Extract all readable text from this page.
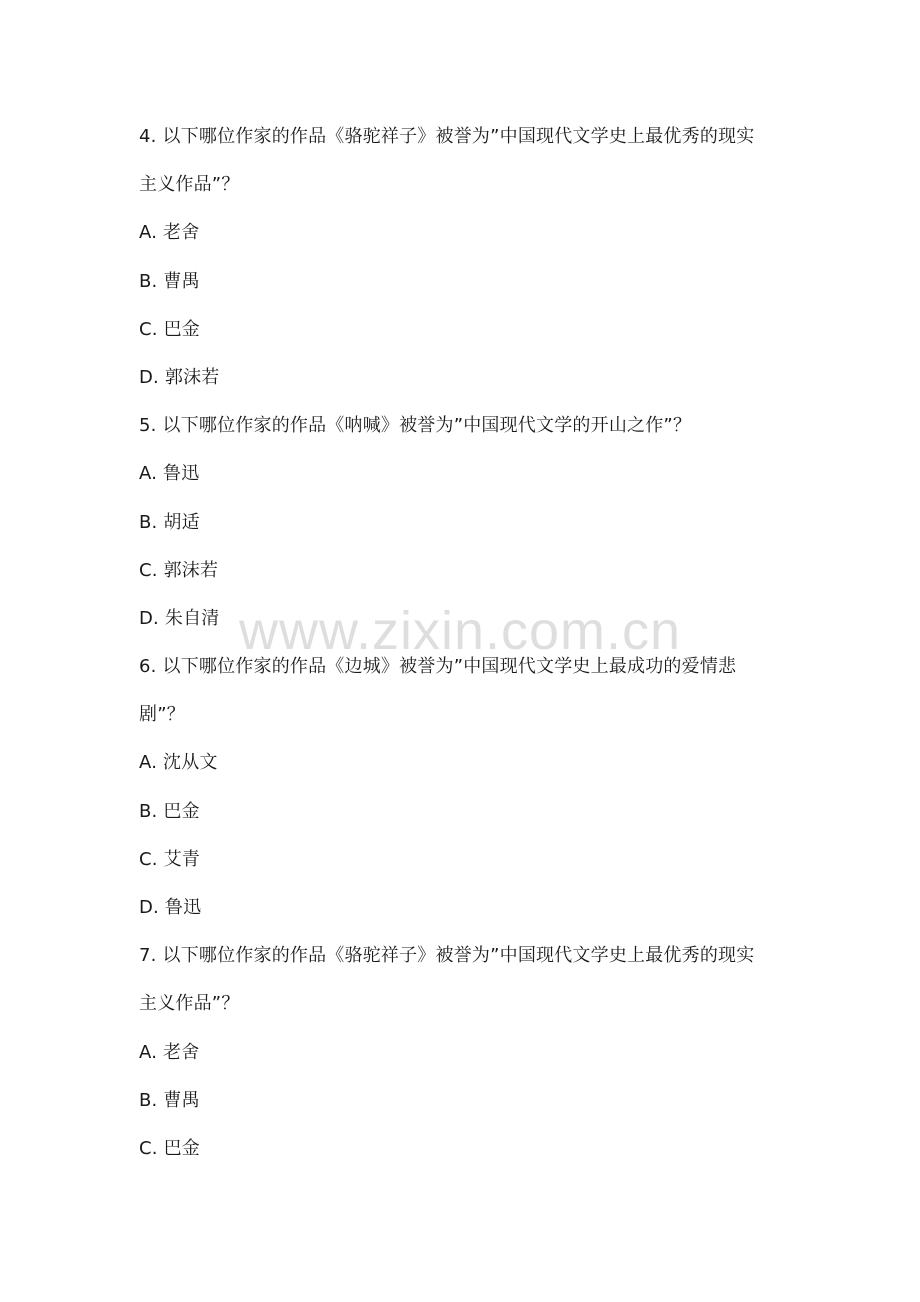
4. 以下哪位作家的作品《骆驼祥子》被誉为”中国现代文学史上最优秀的现实
主义作品”？
A. 老舍
B. 曹禺
C. 巴金
D. 郭沫若
5. 以下哪位作家的作品《呐喊》被誉为”中国现代文学的开山之作”？
A. 鲁迅
B. 胡适
C. 郭沫若
D. 朱自清
6. 以下哪位作家的作品《边城》被誉为”中国现代文学史上最成功的爱情悲
剧”？
A. 沈从文
B. 巴金
C. 艾青
D. 鲁迅
7. 以下哪位作家的作品《骆驼祥子》被誉为”中国现代文学史上最优秀的现实
主义作品”？
A. 老舍
B. 曹禺
C. 巴金
www.zixin.com.cn
